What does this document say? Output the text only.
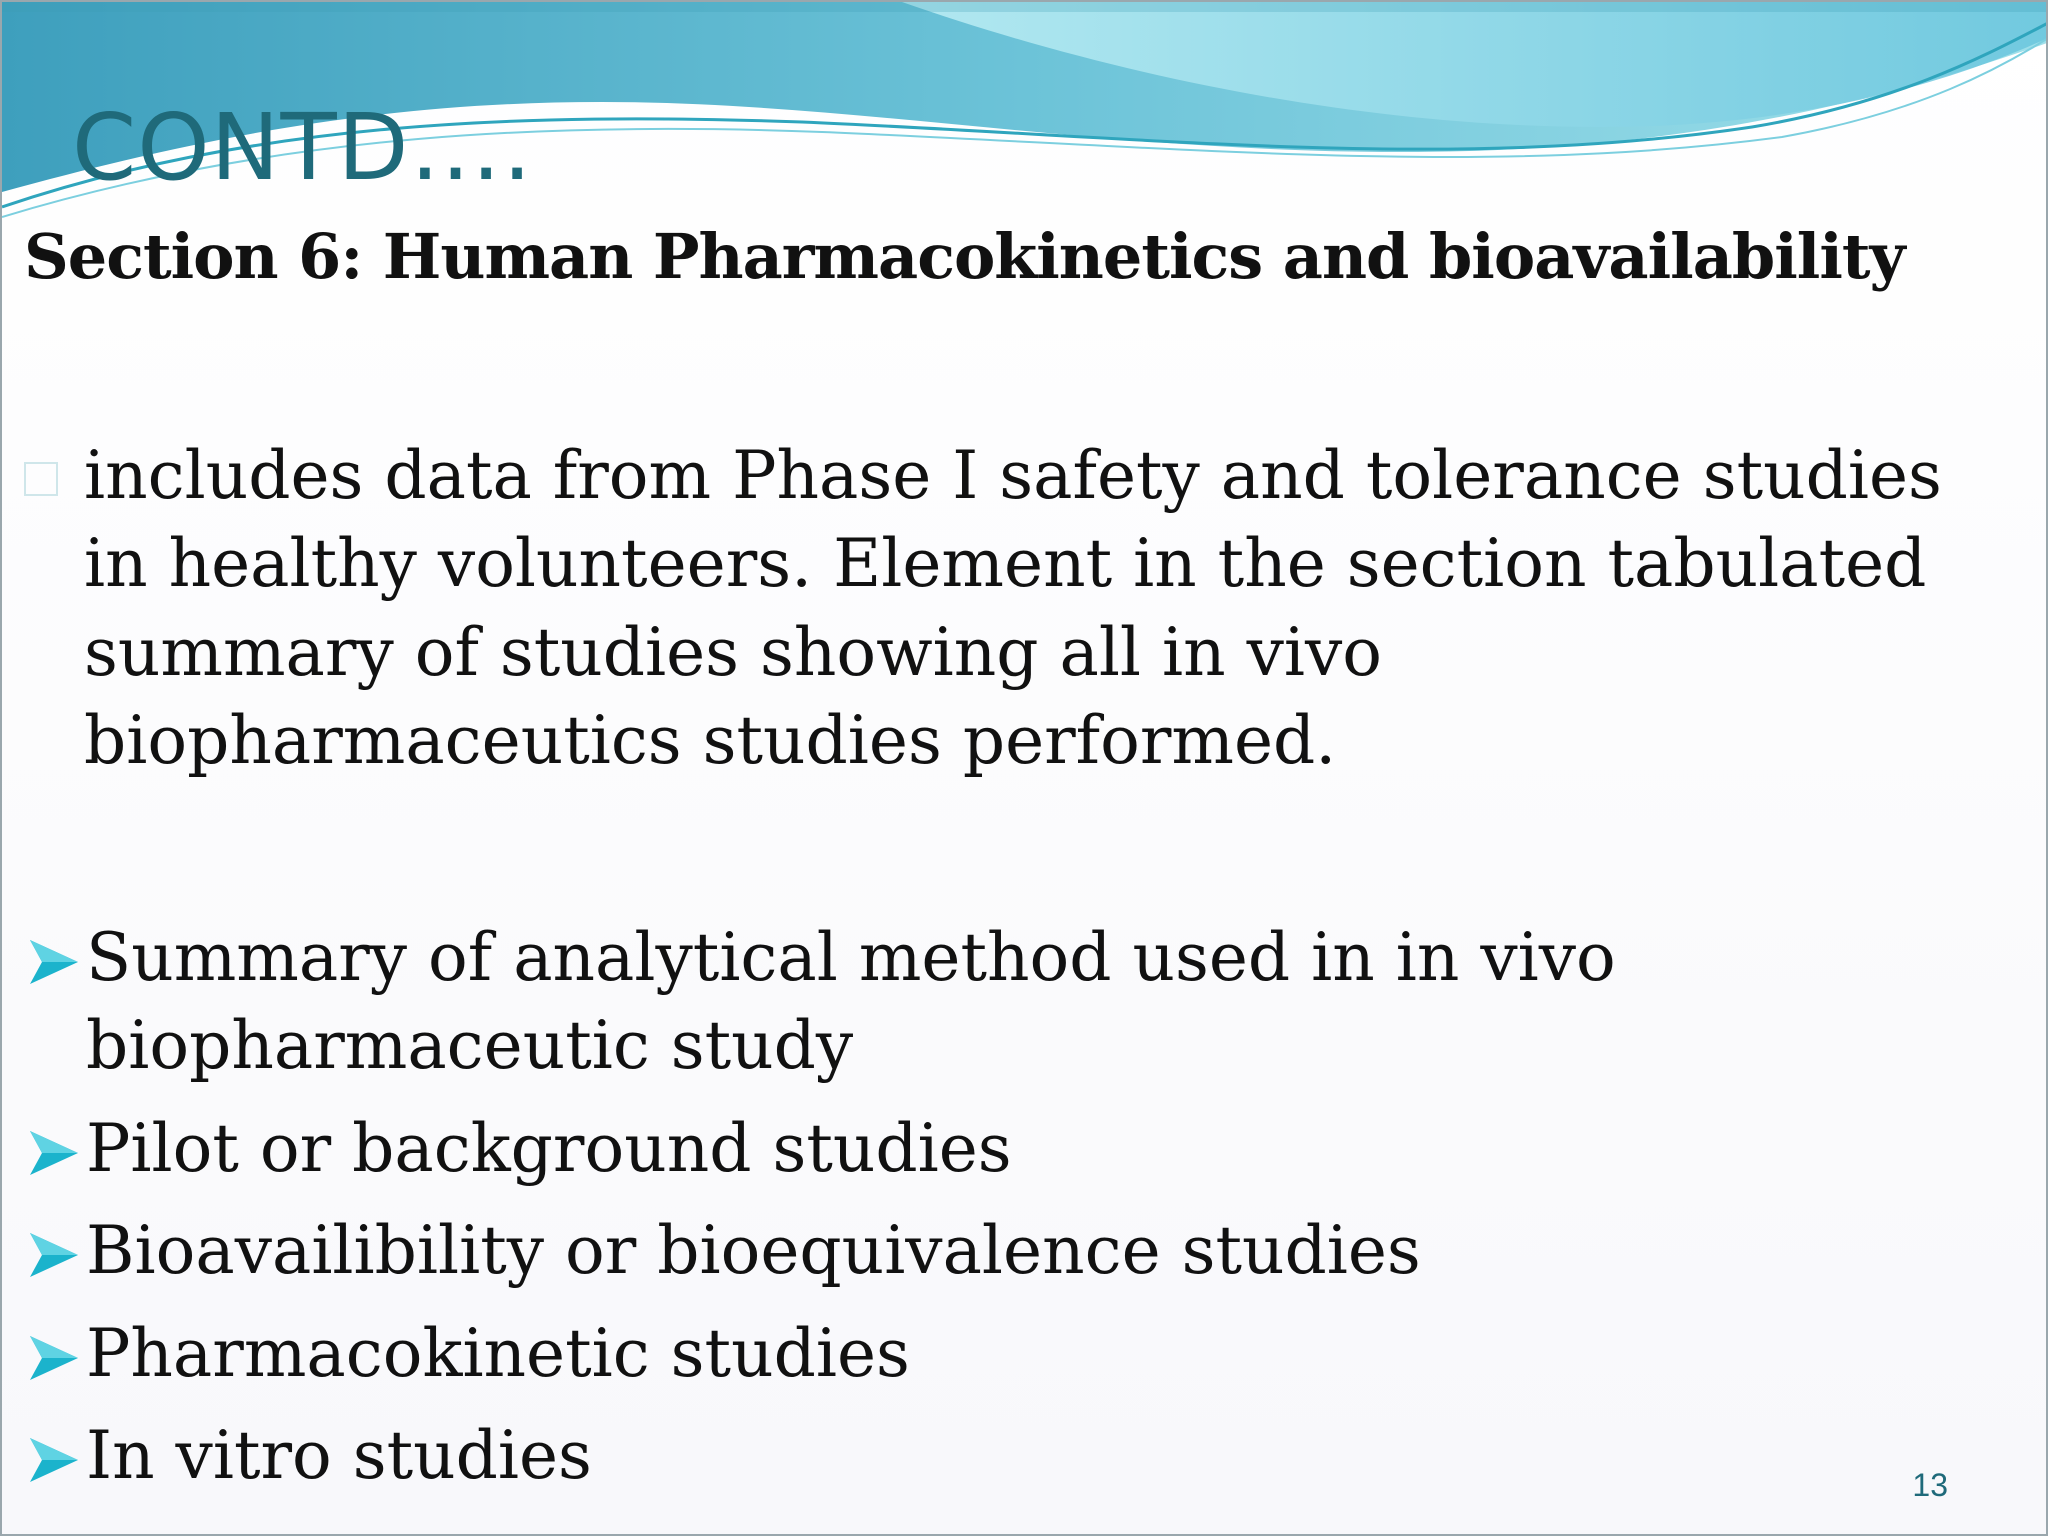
CONTD….
Section 6: Human Pharmacokinetics and bioavailability
includes data from Phase I safety and tolerance studies in healthy volunteers. Element in the section tabulated summary of studies showing all in vivo biopharmaceutics studies performed.
Summary of analytical method used in in vivo biopharmaceutic study
Pilot or background studies
Bioavailibility or bioequivalence studies
Pharmacokinetic studies
In vitro studies	13
